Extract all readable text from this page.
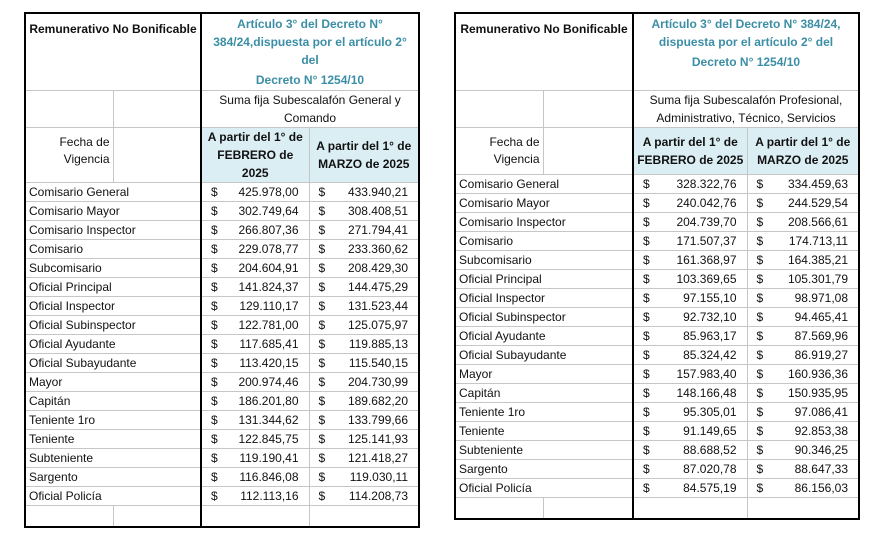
Remunerativo No Bonificable		Artículo 3° del Decreto N° 384/24,dispuesta por el artículo 2° del
Decreto N° 1254/10	

		Suma fija Subescalafón General y Comando	

	Fecha de Vigencia	A partir del 1° de FEBRERO de 2025	A partir del 1° de MARZO de 2025
Comisario General		$ 425.978,00	$ 433.940,21
Comisario Mayor		$ 302.749,64	$ 308.408,51
Comisario Inspector		$ 266.807,36	$ 271.794,41
Comisario		$ 229.078,77	$ 233.360,62
Subcomisario		$ 204.604,91	$ 208.429,30
Oficial Principal		$ 141.824,37	$ 144.475,29
Oficial Inspector		$ 129.110,17	$ 131.523,44
Oficial Subinspector		$ 122.781,00	$ 125.075,97
Oficial Ayudante		$ 117.685,41	$ 119.885,13
Oficial Subayudante		$ 113.420,15	$ 115.540,15
Mayor		$ 200.974,46	$ 204.730,99
Capitán		$ 186.201,80	$ 189.682,20
Teniente 1ro		$ 131.344,62	$ 133.799,66
Teniente		$ 122.845,75	$ 125.141,93
Subteniente		$ 119.190,41	$ 121.418,27
Sargento		$ 116.846,08	$ 119.030,11
Oficial Policía		$ 112.113,16	$ 114.208,73

Remunerativo No Bonificable		Artículo 3° del Decreto N° 384/24, dispuesta por el artículo 2° del
Decreto N° 1254/10	

		Suma fija Subescalafón Profesional, Administrativo, Técnico, Servicios	

	Fecha de Vigencia	A partir del 1° de FEBRERO de 2025	A partir del 1° de MARZO de 2025
Comisario General		$ 328.322,76	$ 334.459,63
Comisario Mayor		$ 240.042,76	$ 244.529,54
Comisario Inspector		$ 204.739,70	$ 208.566,61
Comisario		$ 171.507,37	$ 174.713,11
Subcomisario		$ 161.368,97	$ 164.385,21
Oficial Principal		$ 103.369,65	$ 105.301,79
Oficial Inspector		$ 97.155,10	$ 98.971,08
Oficial Subinspector		$ 92.732,10	$ 94.465,41
Oficial Ayudante		$ 85.963,17	$ 87.569,96
Oficial Subayudante		$ 85.324,42	$ 86.919,27
Mayor		$ 157.983,40	$ 160.936,36
Capitán		$ 148.166,48	$ 150.935,95
Teniente 1ro		$ 95.305,01	$ 97.086,41
Teniente		$ 91.149,65	$ 92.853,38
Subteniente		$ 88.688,52	$ 90.346,25
Sargento		$ 87.020,78	$ 88.647,33
Oficial Policía		$ 84.575,19	$ 86.156,03
